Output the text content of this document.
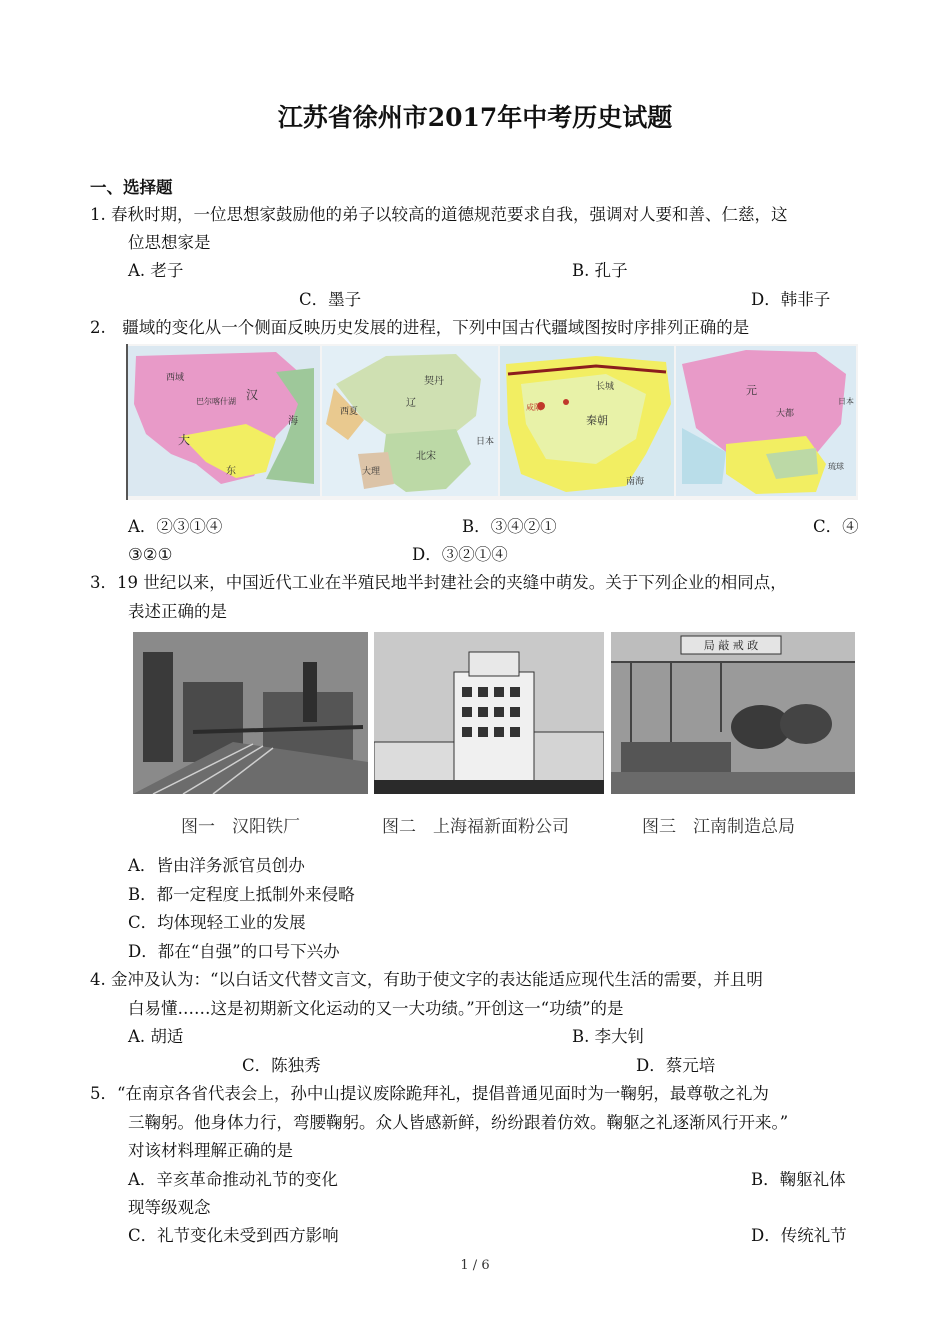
江苏省徐州市2017年中考历史试题
一、选择题
1. 春秋时期，一位思想家鼓励他的弟子以较高的道德规范要求自我，强调对人要和善、仁慈，这
位思想家是
A. 老子	B. 孔子
C．墨子	D．韩非子
2.　疆域的变化从一个侧面反映历史发展的进程，下列中国古代疆域图按时序排列正确的是
西域
巴尔喀什湖 汉
海
大
东
契丹
辽
北宋
西夏
大理
日本
长城
秦朝
南海
咸阳
元
大都
日本
琉球
A．②③①④	B．③④②①	C．④
③②①	D．③②①④
3．19 世纪以来，中国近代工业在半殖民地半封建社会的夹缝中萌发。关于下列企业的相同点，
表述正确的是
局 敲 戒 政
图一　汉阳铁厂	图二　上海福新面粉公司	图三　江南制造总局
A．皆由洋务派官员创办
B．都一定程度上抵制外来侵略
C．均体现轻工业的发展
D．都在“自强”的口号下兴办
4. 金冲及认为：“以白话文代替文言文，有助于使文字的表达能适应现代生活的需要，并且明
白易懂……这是初期新文化运动的又一大功绩。”开创这一“功绩”的是
A. 胡适	B. 李大钊
C．陈独秀	D．蔡元培
5．“在南京各省代表会上，孙中山提议废除跪拜礼，提倡普通见面时为一鞠躬，最尊敬之礼为
三鞠躬。他身体力行，弯腰鞠躬。众人皆感新鲜，纷纷跟着仿效。鞠躯之礼逐渐风行开来。”
对该材料理解正确的是
A．辛亥革命推动礼节的变化	B．鞠躯礼体
现等级观念
C．礼节变化未受到西方影响	D．传统礼节
1 / 6
